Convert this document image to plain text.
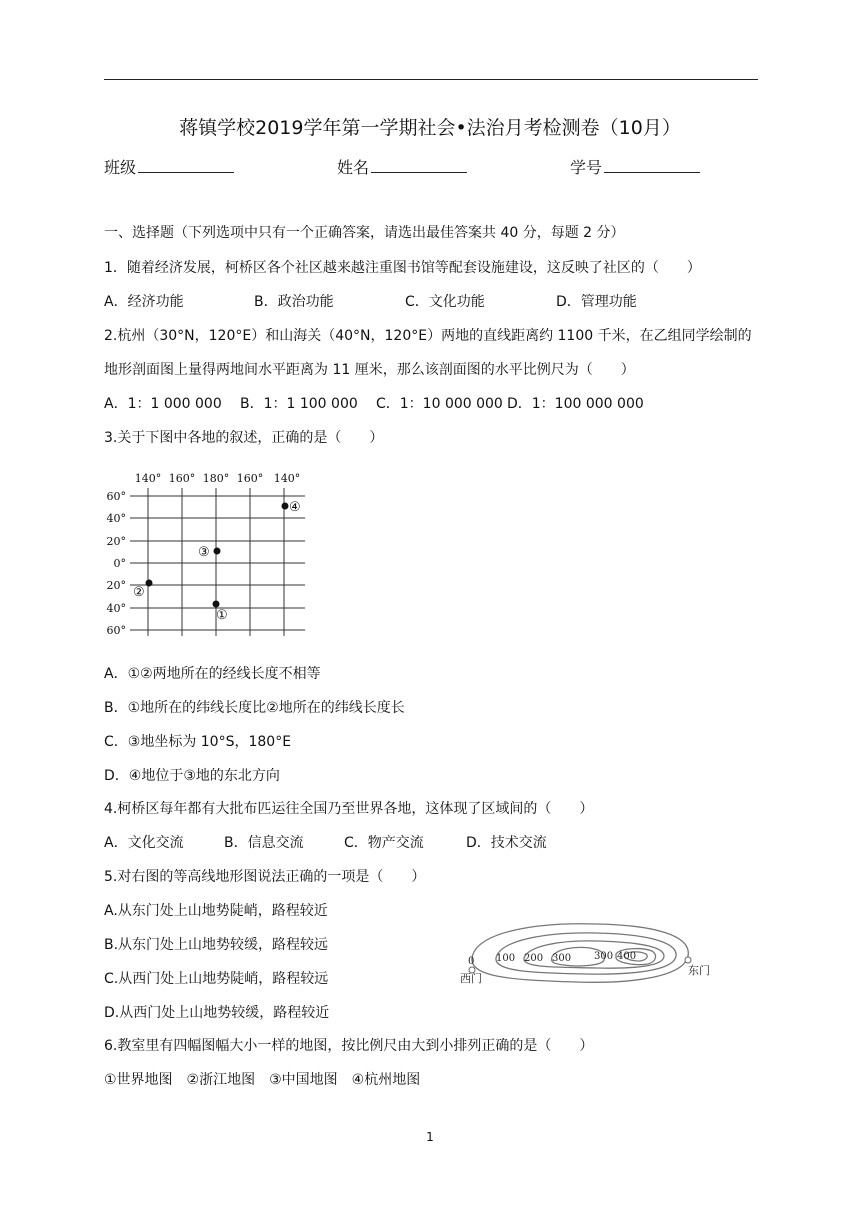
蒋镇学校2019学年第一学期社会•法治月考检测卷（10月）
班级	姓名	学号
一、选择题（下列选项中只有一个正确答案，请选出最佳答案共 40 分，每题 2 分）
1．随着经济发展，柯桥区各个社区越来越注重图书馆等配套设施建设，这反映了社区的（　　）
A．经济功能	B．政治功能	C．文化功能	D．管理功能
2.杭州（30°N，120°E）和山海关（40°N，120°E）两地的直线距离约 1100 千米，在乙组同学绘制的
地形剖面图上量得两地间水平距离为 11 厘米，那么该剖面图的水平比例尺为（　　）
A．1：1 000 000 B．1：1 100 000 C．1：10 000 000 D．1：100 000 000
3.关于下图中各地的叙述，正确的是（　　）
140° 160° 180° 160° 140°
60°
40°
20°
0°
20°
40°
60°
①
②
③
④
A．①②两地所在的经线长度不相等
B．①地所在的纬线长度比②地所在的纬线长度长
C．③地坐标为 10°S，180°E
D．④地位于③地的东北方向
4.柯桥区每年都有大批布匹运往全国乃至世界各地，这体现了区域间的（　　）
A．文化交流	B．信息交流	C．物产交流	D．技术交流
5.对右图的等高线地形图说法正确的一项是（　　）
A.从东门处上山地势陡峭，路程较近
B.从东门处上山地势较缓，路程较远
C.从西门处上山地势陡峭，路程较远
D.从西门处上山地势较缓，路程较近
0 100 200 300 300 400
西门
东门
6.教室里有四幅图幅大小一样的地图，按比例尺由大到小排列正确的是（　　）
①世界地图　②浙江地图　③中国地图　④杭州地图
1
